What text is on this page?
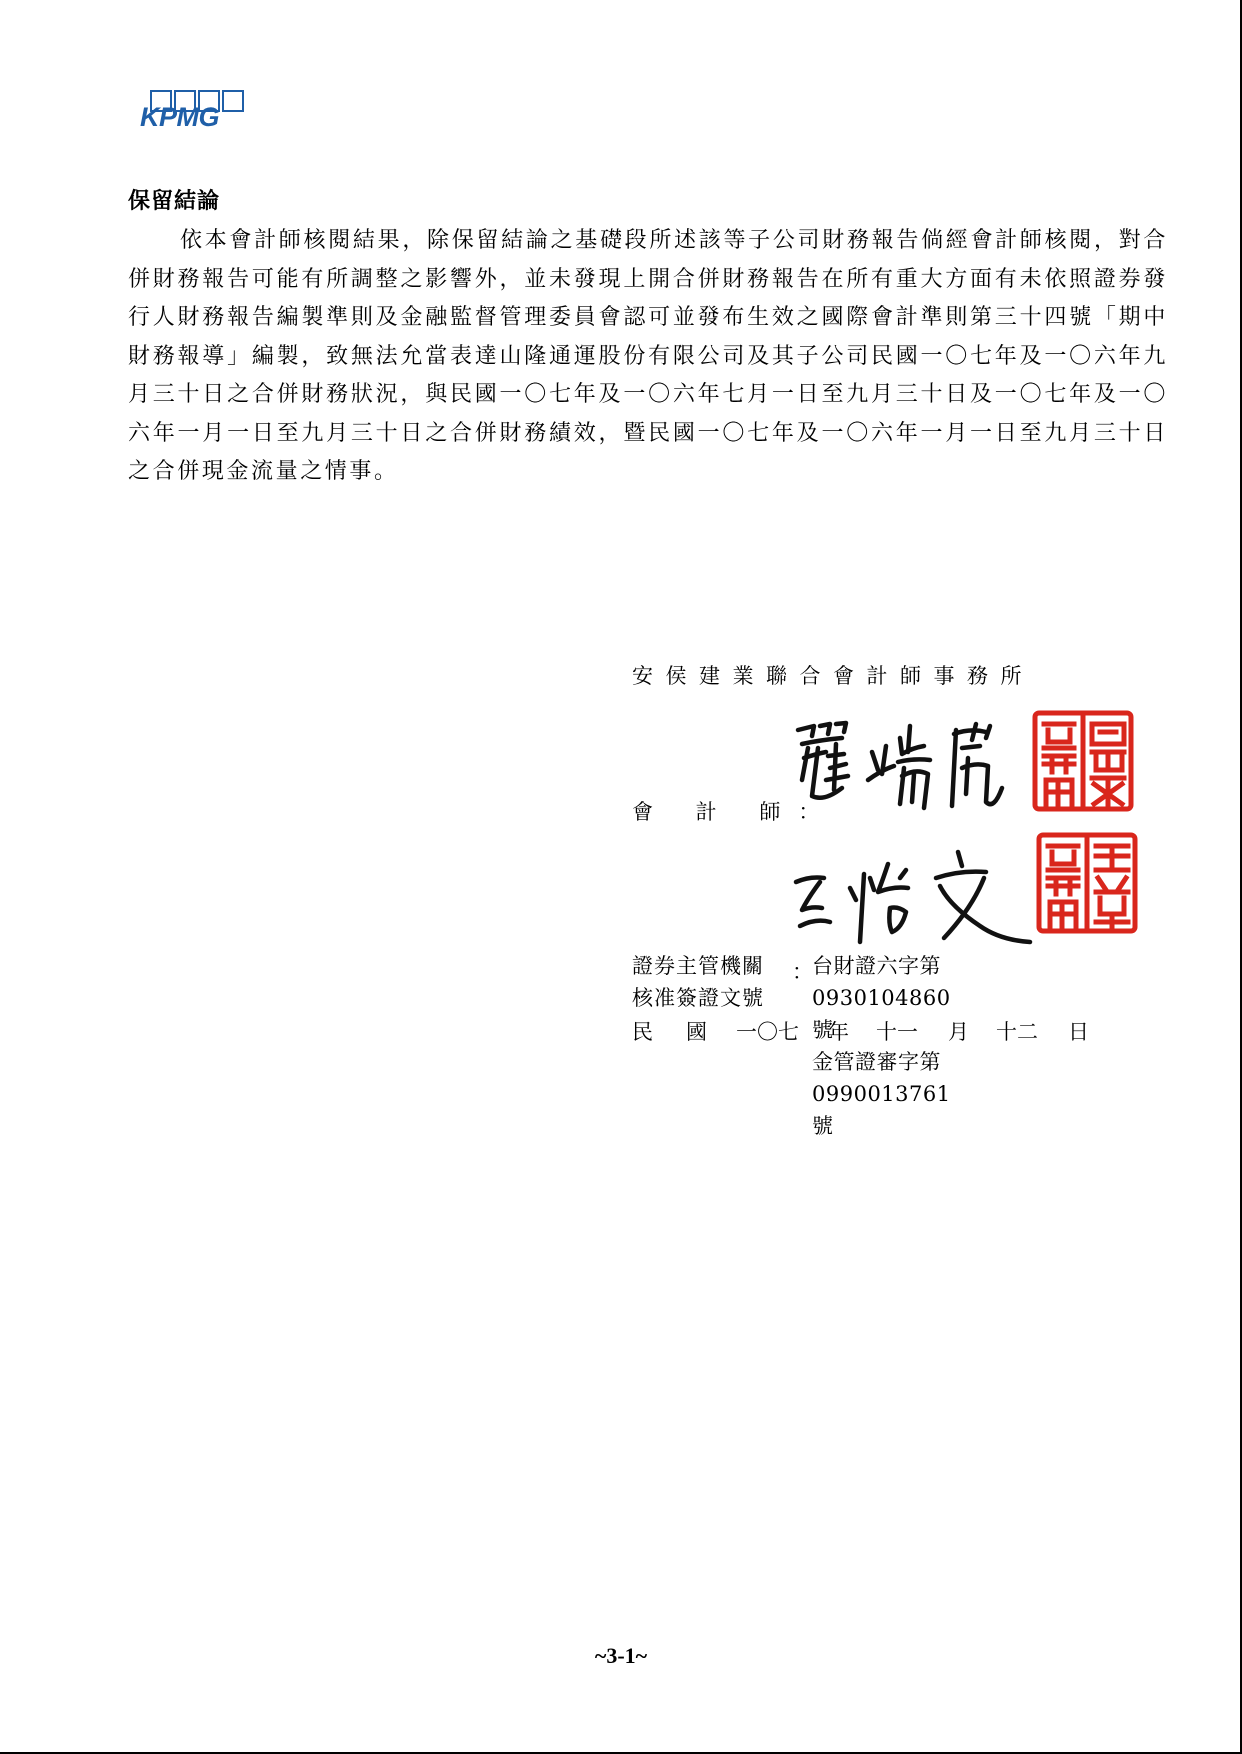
KPMG
保留結論

依本會計師核閱結果，除保留結論之基礎段所述該等子公司財務報告倘經會計師核閱，對合併財務報告可能有所調整之影響外，並未發現上開合併財務報告在所有重大方面有未依照證券發行人財務報告編製準則及金融監督管理委員會認可並發布生效之國際會計準則第三十四號「期中財務報導」編製，致無法允當表達山隆通運股份有限公司及其子公司民國一〇七年及一〇六年九月三十日之合併財務狀況，與民國一〇七年及一〇六年七月一日至九月三十日及一〇七年及一〇六年一月一日至九月三十日之合併財務績效，暨民國一〇七年及一〇六年一月一日至九月三十日之合併現金流量之情事。

安侯建業聯合會計師事務所
會 計 師：
證券主管機關
核准簽證文號
： 台財證六字第0930104860號
金管證審字第0990013761號
民　國 一〇七 年 十一 月 十二 日
~3-1~
